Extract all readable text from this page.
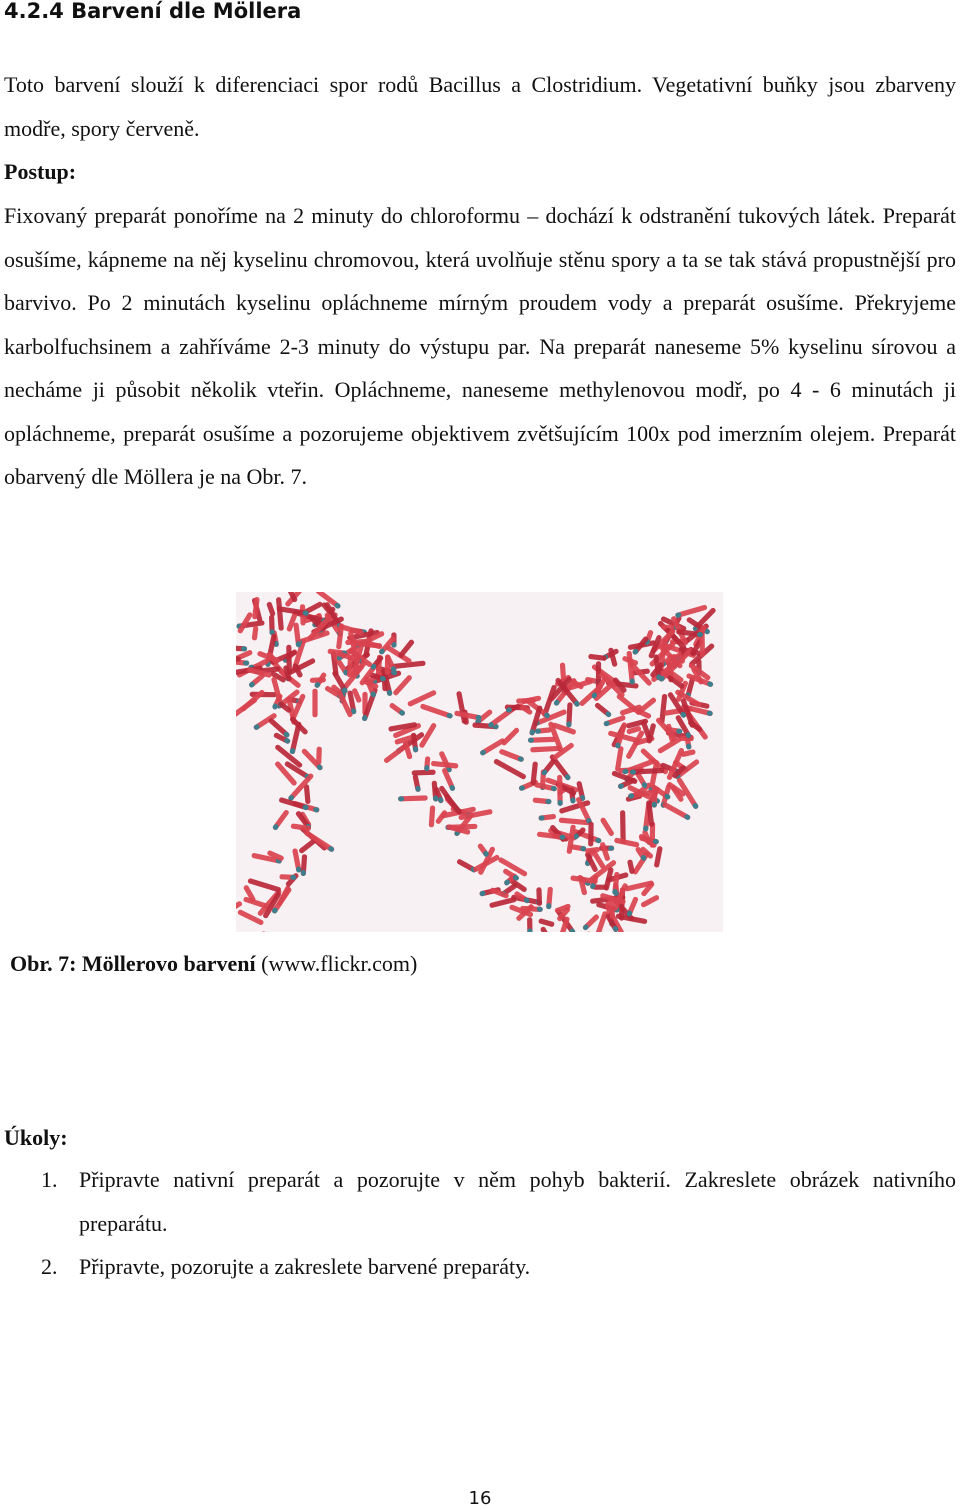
4.2.4 Barvení dle Möllera

Toto barvení slouží k diferenciaci spor rodů Bacillus a Clostridium. Vegetativní buňky jsou zbarveny modře, spory červeně.

Postup:

Fixovaný preparát ponoříme na 2 minuty do chloroformu – dochází k odstranění tukových látek. Preparát osušíme, kápneme na něj kyselinu chromovou, která uvolňuje stěnu spory a ta se tak stává propustnější pro barvivo. Po 2 minutách kyselinu opláchneme mírným proudem vody a preparát osušíme. Překryjeme karbolfuchsinem a zahříváme 2-3 minuty do výstupu par. Na preparát naneseme 5% kyselinu sírovou a necháme ji působit několik vteřin. Opláchneme, naneseme methylenovou modř, po 4 - 6 minutách ji opláchneme, preparát osušíme a pozorujeme objektivem zvětšujícím 100x pod imerzním olejem. Preparát obarvený dle Möllera je na Obr. 7.

Obr. 7: Möllerovo barvení (www.flickr.com)

Úkoly:

1. Připravte nativní preparát a pozorujte v něm pohyb bakterií. Zakreslete obrázek nativního preparátu.
2. Připravte, pozorujte a zakreslete barvené preparáty.
16
